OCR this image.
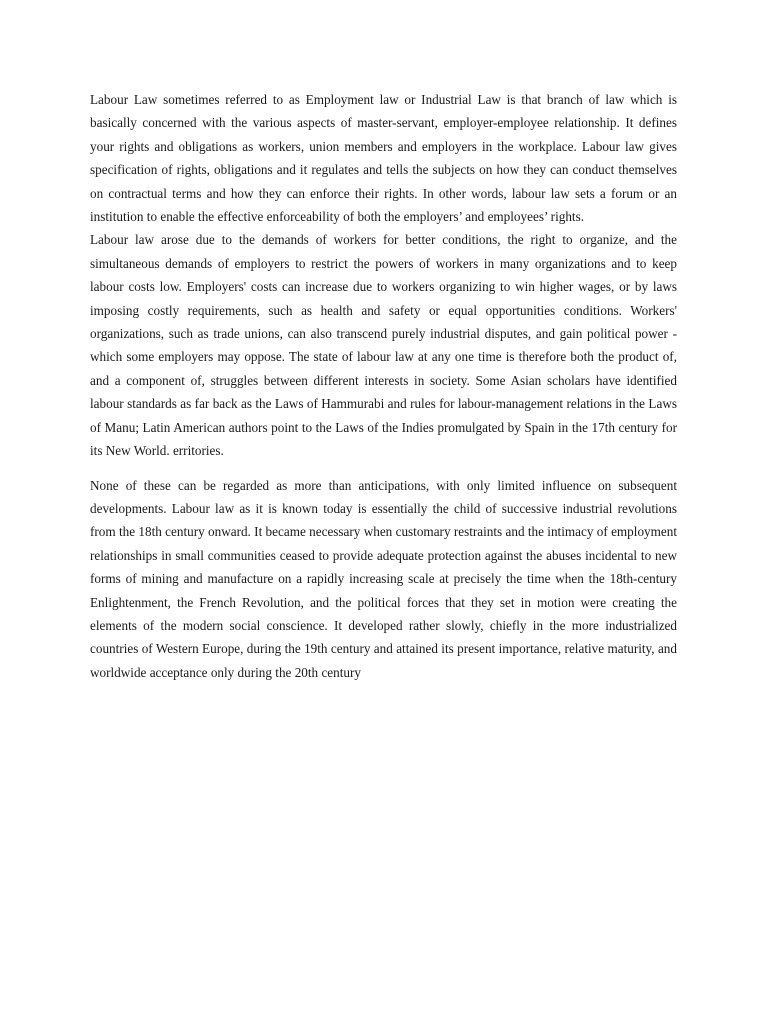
Labour Law sometimes referred to as Employment law or Industrial Law is that branch of law which is basically concerned with the various aspects of master-servant, employer-employee relationship. It defines your rights and obligations as workers, union members and employers in the workplace. Labour law gives specification of rights, obligations and it regulates and tells the subjects on how they can conduct themselves on contractual terms and how they can enforce their rights. In other words, labour law sets a forum or an institution to enable the effective enforceability of both the employers’ and employees’ rights.

Labour law arose due to the demands of workers for better conditions, the right to organize, and the simultaneous demands of employers to restrict the powers of workers in many organizations and to keep labour costs low. Employers' costs can increase due to workers organizing to win higher wages, or by laws imposing costly requirements, such as health and safety or equal opportunities conditions. Workers' organizations, such as trade unions, can also transcend purely industrial disputes, and gain political power - which some employers may oppose. The state of labour law at any one time is therefore both the product of, and a component of, struggles between different interests in society. Some Asian scholars have identified labour standards as far back as the Laws of Hammurabi and rules for labour-management relations in the Laws of Manu; Latin American authors point to the Laws of the Indies promulgated by Spain in the 17th century for its New World. erritories.

None of these can be regarded as more than anticipations, with only limited influence on subsequent developments. Labour law as it is known today is essentially the child of successive industrial revolutions from the 18th century onward. It became necessary when customary restraints and the intimacy of employment relationships in small communities ceased to provide adequate protection against the abuses incidental to new forms of mining and manufacture on a rapidly increasing scale at precisely the time when the 18th-century Enlightenment, the French Revolution, and the political forces that they set in motion were creating the elements of the modern social conscience. It developed rather slowly, chiefly in the more industrialized countries of Western Europe, during the 19th century and attained its present importance, relative maturity, and worldwide acceptance only during the 20th century
